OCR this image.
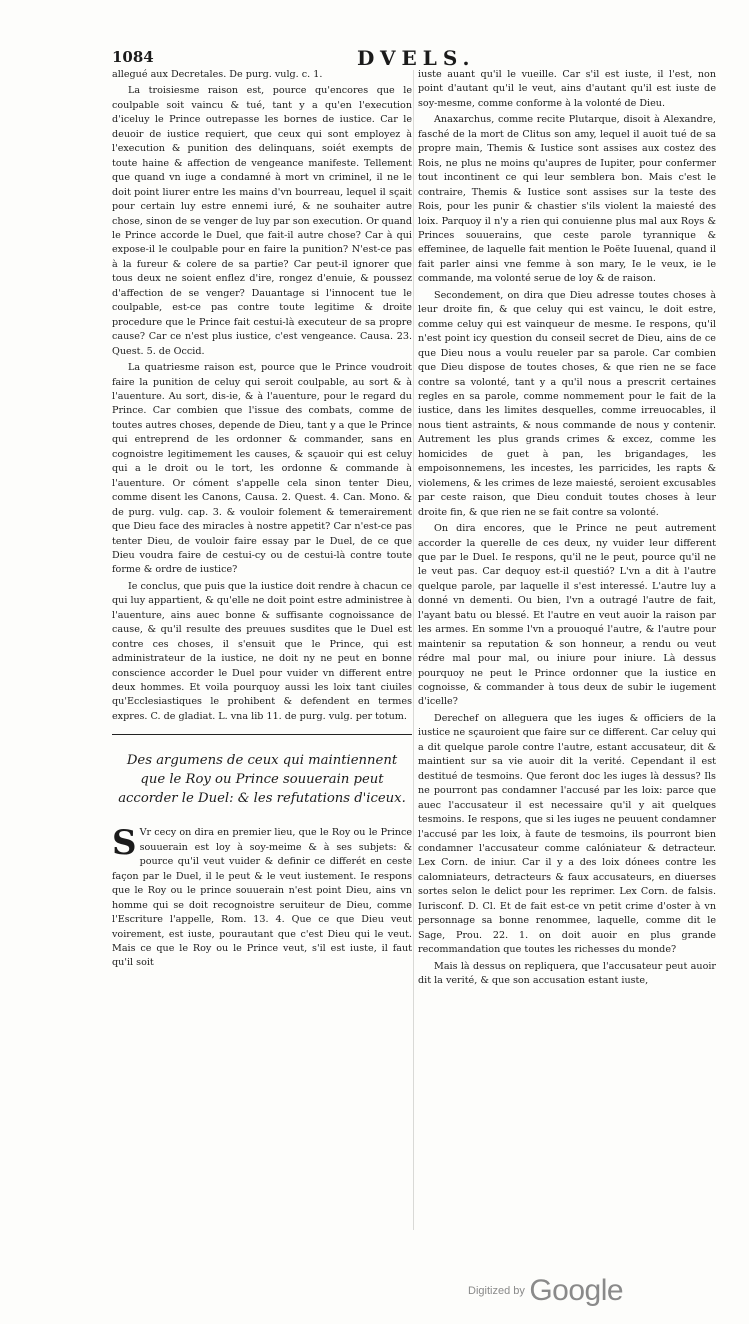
1084	DVELS.

allegué aux Decretales. De purg. vulg. c. 1.

La troisiesme raison est, pource qu'encores que le coulpable soit vaincu & tué, tant y a qu'en l'execution d'iceluy le Prince outrepasse les bornes de iustice. Car le deuoir de iustice requiert, que ceux qui sont employez à l'execution & punition des delinquans, soiét exempts de toute haine & affection de vengeance manifeste. Tellement que quand vn iuge a condamné à mort vn criminel, il ne le doit point liurer entre les mains d'vn bourreau, lequel il sçait pour certain luy estre ennemi iuré, & ne souhaiter autre chose, sinon de se venger de luy par son execution. Or quand le Prince accorde le Duel, que fait-il autre chose? Car à qui expose-il le coulpable pour en faire la punition? N'est-ce pas à la fureur & colere de sa partie? Car peut-il ignorer que tous deux ne soient enflez d'ire, rongez d'enuie, & poussez d'affection de se venger? Dauantage si l'innocent tue le coulpable, est-ce pas contre toute legitime & droite procedure que le Prince fait cestui-là executeur de sa propre cause? Car ce n'est plus iustice, c'est vengeance. Causa. 23. Quest. 5. de Occid.

La quatriesme raison est, pource que le Prince voudroit faire la punition de celuy qui seroit coulpable, au sort & à l'auenture. Au sort, dis-ie, & à l'auenture, pour le regard du Prince. Car combien que l'issue des combats, comme de toutes autres choses, depende de Dieu, tant y a que le Prince qui entreprend de les ordonner & commander, sans en cognoistre legitimement les causes, & sçauoir qui est celuy qui a le droit ou le tort, les ordonne & commande à l'auenture. Or cóment s'appelle cela sinon tenter Dieu, comme disent les Canons, Causa. 2. Quest. 4. Can. Mono. & de purg. vulg. cap. 3. & vouloir folement & temerairement que Dieu face des miracles à nostre appetit? Car n'est-ce pas tenter Dieu, de vouloir faire essay par le Duel, de ce que Dieu voudra faire de cestui-cy ou de cestui-là contre toute forme & ordre de iustice?

Ie conclus, que puis que la iustice doit rendre à chacun ce qui luy appartient, & qu'elle ne doit point estre administree à l'auenture, ains auec bonne & suffisante cognoissance de cause, & qu'il resulte des preuues susdites que le Duel est contre ces choses, il s'ensuit que le Prince, qui est administrateur de la iustice, ne doit ny ne peut en bonne conscience accorder le Duel pour vuider vn different entre deux hommes. Et voila pourquoy aussi les loix tant ciuiles qu'Ecclesiastiques le prohibent & defendent en termes expres. C. de gladiat. L. vna lib 11. de purg. vulg. per totum.

Des argumens de ceux qui maintiennent que le Roy ou Prince souuerain peut accorder le Duel: & les refutations d'iceux.

S Vr cecy on dira en premier lieu, que le Roy ou le Prince souuerain est loy à soy-meime & à ses subjets: & pource qu'il veut vuider & definir ce differét en ceste façon par le Duel, il le peut & le veut iustement. Ie respons que le Roy ou le prince souuerain n'est point Dieu, ains vn homme qui se doit recognoistre seruiteur de Dieu, comme l'Escriture l'appelle, Rom. 13. 4. Que ce que Dieu veut voirement, est iuste, pourautant que c'est Dieu qui le veut. Mais ce que le Roy ou le Prince veut, s'il est iuste, il faut qu'il soit

iuste auant qu'il le vueille. Car s'il est iuste, il l'est, non point d'autant qu'il le veut, ains d'autant qu'il est iuste de soy-mesme, comme conforme à la volonté de Dieu.

Anaxarchus, comme recite Plutarque, disoit à Alexandre, fasché de la mort de Clitus son amy, lequel il auoit tué de sa propre main, Themis & Iustice sont assises aux costez des Rois, ne plus ne moins qu'aupres de Iupiter, pour confermer tout incontinent ce qui leur semblera bon. Mais c'est le contraire, Themis & Iustice sont assises sur la teste des Rois, pour les punir & chastier s'ils violent la maiesté des loix. Parquoy il n'y a rien qui conuienne plus mal aux Roys & Princes souuerains, que ceste parole tyrannique & effeminee, de laquelle fait mention le Poëte Iuuenal, quand il fait parler ainsi vne femme à son mary, Ie le veux, ie le commande, ma volonté serue de loy & de raison.

Secondement, on dira que Dieu adresse toutes choses à leur droite fin, & que celuy qui est vaincu, le doit estre, comme celuy qui est vainqueur de mesme. Ie respons, qu'il n'est point icy question du conseil secret de Dieu, ains de ce que Dieu nous a voulu reueler par sa parole. Car combien que Dieu dispose de toutes choses, & que rien ne se face contre sa volonté, tant y a qu'il nous a prescrit certaines regles en sa parole, comme nommement pour le fait de la iustice, dans les limites desquelles, comme irreuocables, il nous tient astraints, & nous commande de nous y contenir. Autrement les plus grands crimes & excez, comme les homicides de guet à pan, les brigandages, les empoisonnemens, les incestes, les parricides, les rapts & violemens, & les crimes de leze maiesté, seroient excusables par ceste raison, que Dieu conduit toutes choses à leur droite fin, & que rien ne se fait contre sa volonté.

On dira encores, que le Prince ne peut autrement accorder la querelle de ces deux, ny vuider leur different que par le Duel. Ie respons, qu'il ne le peut, pource qu'il ne le veut pas. Car dequoy est-il questió? L'vn a dit à l'autre quelque parole, par laquelle il s'est interessé. L'autre luy a donné vn dementi. Ou bien, l'vn a outragé l'autre de fait, l'ayant batu ou blessé. Et l'autre en veut auoir la raison par les armes. En somme l'vn a prouoqué l'autre, & l'autre pour maintenir sa reputation & son honneur, a rendu ou veut rédre mal pour mal, ou iniure pour iniure. Là dessus pourquoy ne peut le Prince ordonner que la iustice en cognoisse, & commander à tous deux de subir le iugement d'icelle?

Derechef on alleguera que les iuges & officiers de la iustice ne sçauroient que faire sur ce different. Car celuy qui a dit quelque parole contre l'autre, estant accusateur, dit & maintient sur sa vie auoir dit la verité. Cependant il est destitué de tesmoins. Que feront doc les iuges là dessus? Ils ne pourront pas condamner l'accusé par les loix: parce que auec l'accusateur il est necessaire qu'il y ait quelques tesmoins. Ie respons, que si les iuges ne peuuent condamner l'accusé par les loix, à faute de tesmoins, ils pourront bien condamner l'accusateur comme calóniateur & detracteur. Lex Corn. de iniur. Car il y a des loix dónees contre les calomniateurs, detracteurs & faux accusateurs, en diuerses sortes selon le delict pour les reprimer. Lex Corn. de falsis. Iurisconf. D. Cl. Et de fait est-ce vn petit crime d'oster à vn personnage sa bonne renommee, laquelle, comme dit le Sage, Prou. 22. 1. on doit auoir en plus grande recommandation que toutes les richesses du monde?

Mais là dessus on repliquera, que l'accusateur peut auoir dit la verité, & que son accusation estant iuste,

Digitized by Google
